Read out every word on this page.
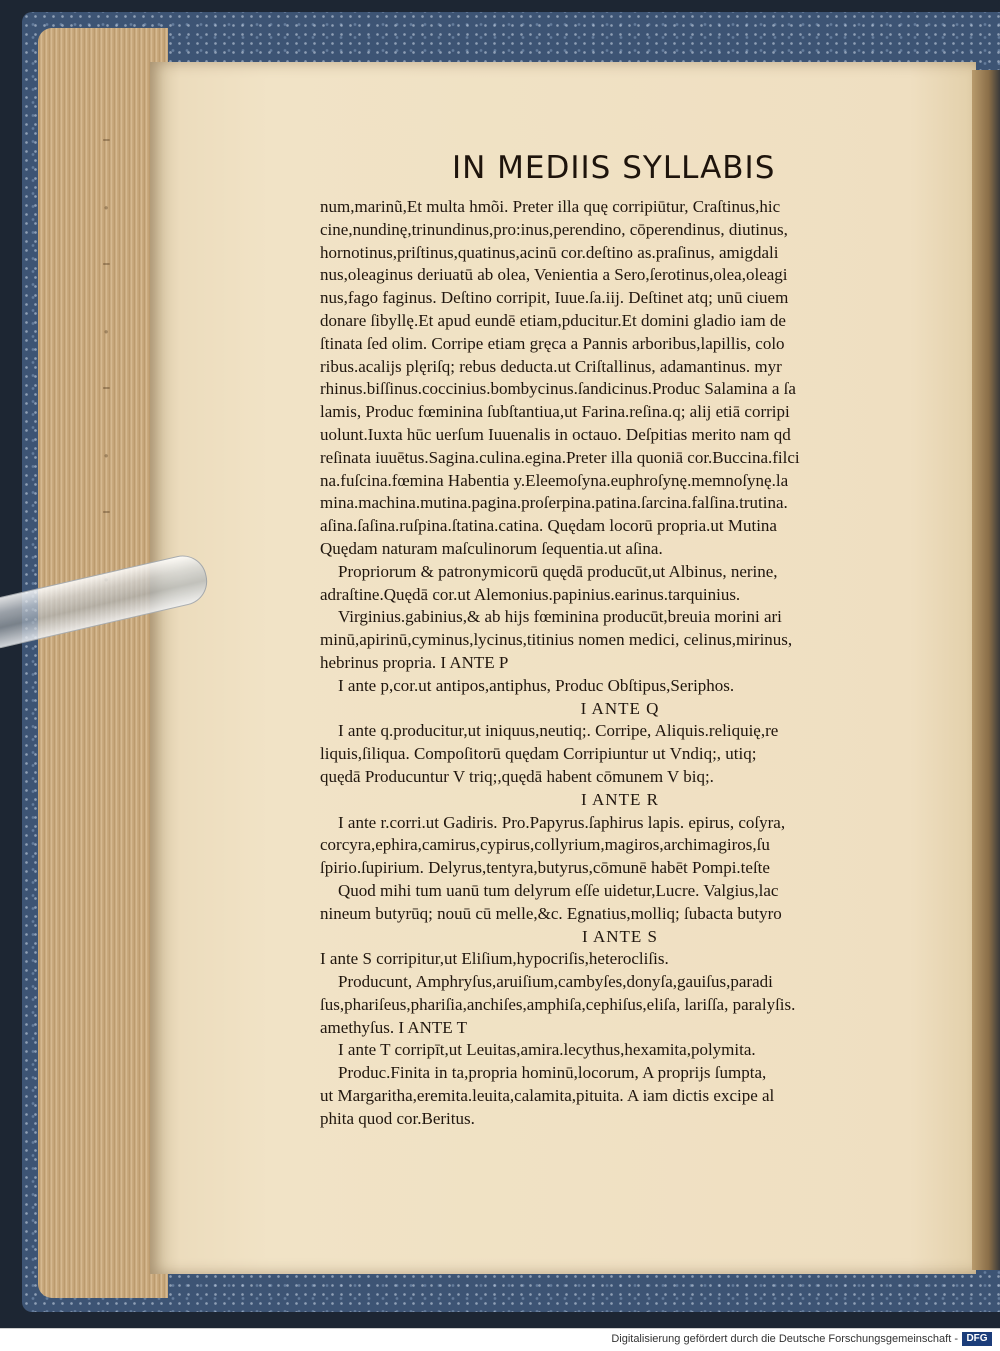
-
.
-
.
-
.
-
IN MEDIIS SYLLABIS
num,marinũ,Et multa hmõi. Preter illa quę corripiūtur, Craſtinus,hic
cine,nundinę,trinundinus,pro:inus,perendino, cōperendinus, diutinus,
hornotinus,priſtinus,quatinus,acinū cor.deſtino as.praſinus, amigdali
nus,oleaginus deriuatū ab olea, Venientia a Sero,ſerotinus,olea,oleagi
nus,fago faginus. Deſtino corripit, Iuue.ſa.iij. Deſtinet atq; unū ciuem
donare ſibyllę.Et apud eundē etiam,pducitur.Et domini gladio iam de
ſtinata ſed olim. Corripe etiam gręca a Pannis arboribus,lapillis, colo
ribus.acalijs plęriſq; rebus deducta.ut Criſtallinus, adamantinus. myr
rhinus.biſſinus.coccinius.bombycinus.ſandicinus.Produc Salamina a ſa
lamis, Produc fœminina ſubſtantiua,ut Farina.reſina.q; alij etiā corripi
uolunt.Iuxta hūc uerſum Iuuenalis in octauo. Deſpitias merito nam qd
reſinata iuuētus.Sagina.culina.egina.Preter illa quoniā cor.Buccina.filci
na.fuſcina.fœmina Habentia y.Eleemoſyna.euphroſynę.memnoſynę.la
mina.machina.mutina.pagina.proſerpina.patina.ſarcina.falſina.trutina.
aſina.ſaſina.ruſpina.ſtatina.catina. Quędam locorū propria.ut Mutina
Quędam naturam maſculinorum ſequentia.ut aſina.
Propriorum & patronymicorū quędā producūt,ut Albinus, nerine,
adraſtine.Quędā cor.ut Alemonius.papinius.earinus.tarquinius.
Virginius.gabinius,& ab hijs fœminina producūt,breuia morini ari
minū,apirinū,cyminus,lycinus,titinius nomen medici, celinus,mirinus,
hebrinus propria. I ANTE P
I ante p,cor.ut antipos,antiphus, Produc Obſtipus,Seriphos.
I ANTE Q
I ante q.producitur,ut iniquus,neutiq;. Corripe, Aliquis.reliquię,re
liquis,ſiliqua. Compoſitorū quędam Corripiuntur ut Vndiq;, utiq;
quędā Producuntur V triq;,quędā habent cōmunem V biq;.
I ANTE R
I ante r.corri.ut Gadiris. Pro.Papyrus.ſaphirus lapis. epirus, coſyra,
corcyra,ephira,camirus,cypirus,collyrium,magiros,archimagiros,ſu
ſpirio.ſupirium. Delyrus,tentyra,butyrus,cōmunē habēt Pompi.teſte
Quod mihi tum uanū tum delyrum eſſe uidetur,Lucre. Valgius,lac
nineum butyrūq; nouū cū melle,&c. Egnatius,molliq; ſubacta butyro
I ANTE S
I ante S corripitur,ut Eliſium,hypocriſis,heterocliſis.
Producunt, Amphryſus,aruiſium,cambyſes,donyſa,gauiſus,paradi
ſus,phariſeus,phariſia,anchiſes,amphiſa,cephiſus,eliſa, lariſſa, paralyſis.
amethyſus. I ANTE T
I ante T corripīt,ut Leuitas,amira.lecythus,hexamita,polymita.
Produc.Finita in ta,propria hominū,locorum, A proprijs ſumpta,
ut Margaritha,eremita.leuita,calamita,pituita. A iam dictis excipe al
phita quod cor.Beritus.
Digitalisierung gefördert durch die Deutsche Forschungsgemeinschaft - DFG
